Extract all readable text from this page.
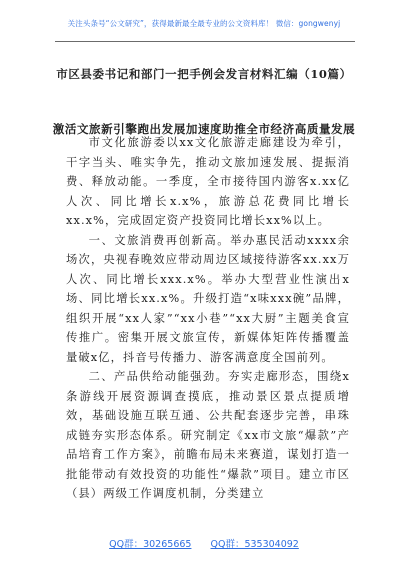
关注头条号“公文研究”，获得最新最全最专业的公文资料库！ 微信：gongwenyj
市区县委书记和部门一把手例会发言材料汇编（10篇）
激活文旅新引擎跑出发展加速度助推全市经济高质量发展

市文化旅游委以xx文化旅游走廊建设为牵引，干字当头、唯实争先，推动文旅加速发展、提振消费、释放动能。一季度，全市接待国内游客x.xx亿人次、同比增长x.x%，旅游总花费同比增长xx.x%，完成固定资产投资同比增长xx%以上。

一、文旅消费再创新高。举办惠民活动xxxx余场次，央视春晚效应带动周边区域接待游客xx.xx万人次、同比增长xxx.x%。举办大型营业性演出x场、同比增长xx.x%。升级打造“x味xxx碗”品牌，组织开展“xx人家”“xx小巷”“xx大厨”主题美食宣传推广。密集开展文旅宣传，新媒体矩阵传播覆盖量破x亿，抖音号传播力、游客满意度全国前列。

二、产品供给动能强劲。夯实走廊形态，围绕x条游线开展资源调查摸底，推动景区景点提质增效，基础设施互联互通、公共配套逐步完善，串珠成链夯实形态体系。研究制定《xx市文旅“爆款”产品培育工作方案》，前瞻布局未来赛道，谋划打造一批能带动有效投资的功能性“爆款”项目。建立市区（县）两级工作调度机制，分类建立

QQ群：30265665 QQ群：535304092
